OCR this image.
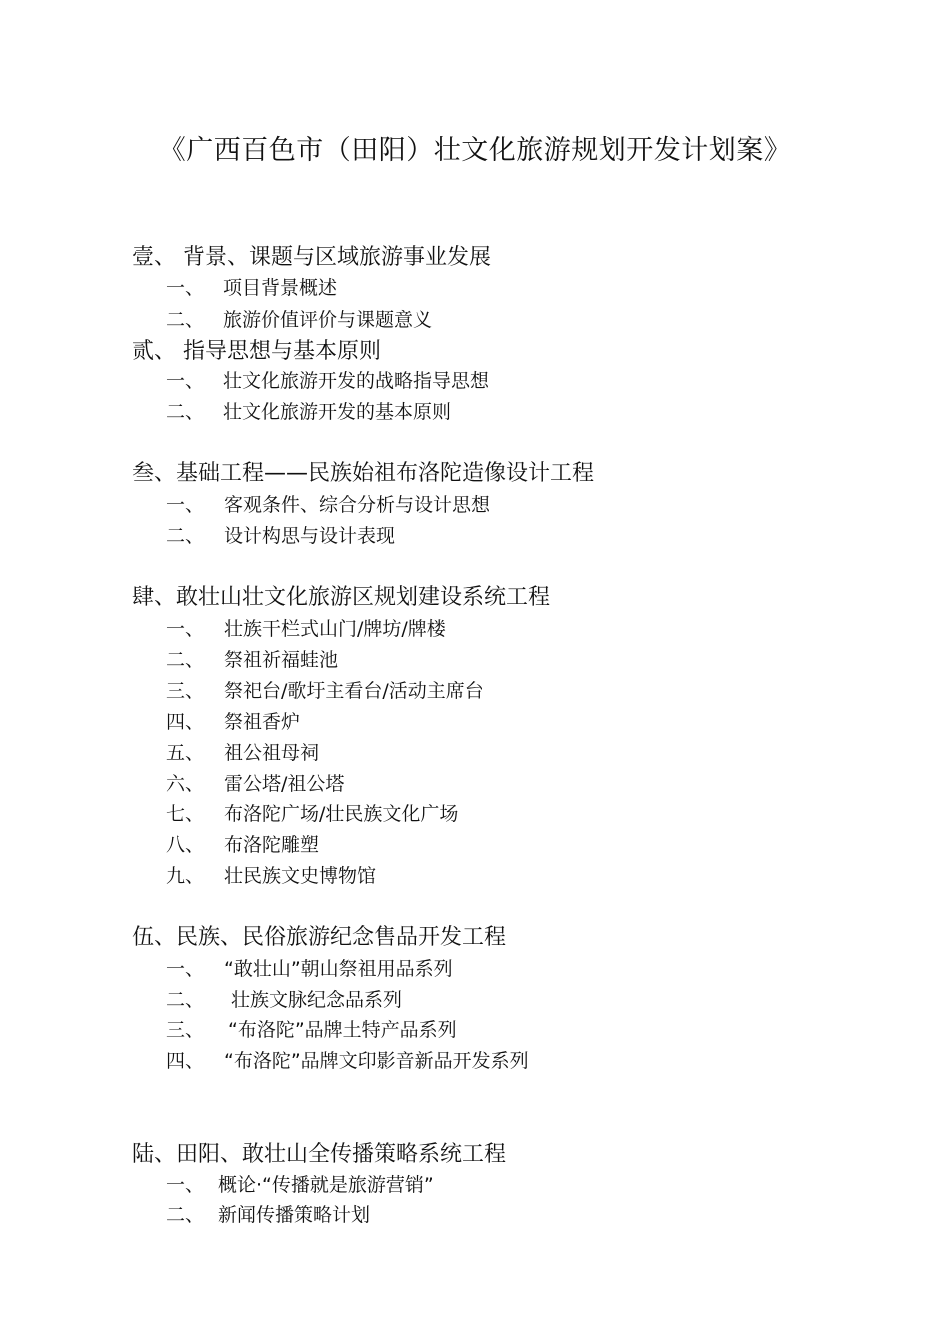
《广西百色市（田阳）壮文化旅游规划开发计划案》
壹、 背景、课题与区域旅游事业发展
一、 项目背景概述
二、 旅游价值评价与课题意义
贰、 指导思想与基本原则
一、 壮文化旅游开发的战略指导思想
二、 壮文化旅游开发的基本原则
叁、基础工程——民族始祖布洛陀造像设计工程
一、 客观条件、综合分析与设计思想
二、 设计构思与设计表现
肆、敢壮山壮文化旅游区规划建设系统工程
一、 壮族干栏式山门/牌坊/牌楼
二、 祭祖祈福蛙池
三、 祭祀台/歌圩主看台/活动主席台
四、 祭祖香炉
五、 祖公祖母祠
六、 雷公塔/祖公塔
七、 布洛陀广场/壮民族文化广场
八、 布洛陀雕塑
九、 壮民族文史博物馆
伍、民族、民俗旅游纪念售品开发工程
一、 “敢壮山”朝山祭祖用品系列
二、 壮族文脉纪念品系列
三、 “布洛陀”品牌土特产品系列
四、 “布洛陀”品牌文印影音新品开发系列
陆、田阳、敢壮山全传播策略系统工程
一、 概论·“传播就是旅游营销”
二、 新闻传播策略计划
